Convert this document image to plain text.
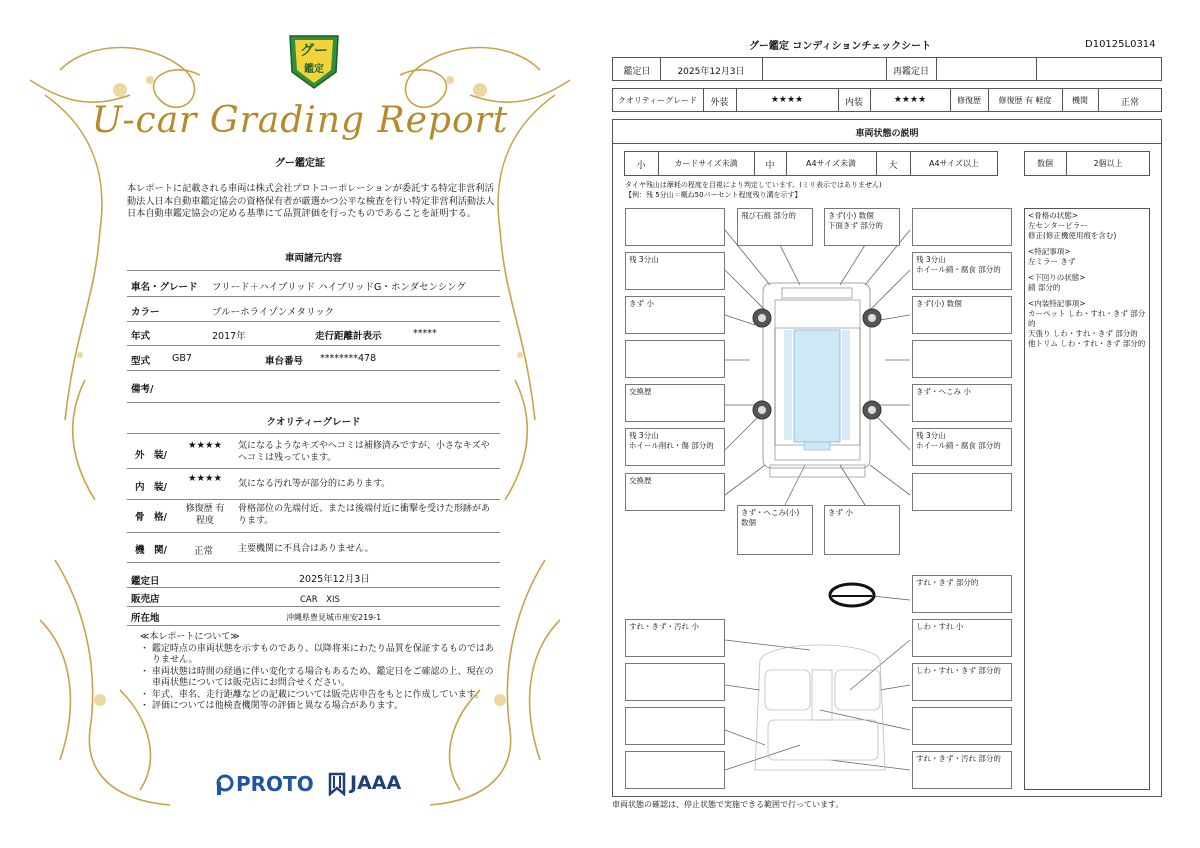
グー
鑑定
U-car Grading Report
グー鑑定証
本レポートに記載される車両は株式会社プロトコーポレーションが委託する特定非営利活動法人日本自動車鑑定協会の資格保有者が厳選かつ公平な検査を行い特定非営利活動法人日本自動車鑑定協会の定める基準にて品質評価を行ったものであることを証明する。
車両諸元内容
車名・グレード フリード＋ハイブリッド ハイブリッドG・ホンダセンシング
カラー	ブルーホライゾンメタリック
年式	2017年	走行距離計表示	*****
型式 GB7	車台番号 ********478
備考/
クオリティーグレード
外　装/
★★★★ 気になるようなキズやヘコミは補修済みですが、小さなキズやヘコミは残っています。
内　装/
★★★★ 気になる汚れ等が部分的にあります。
骨　格/
修復歴 有
程度
骨格部位の先端付近、または後端付近に衝撃を受けた形跡があります。
機　関/	正常	主要機関に不具合はありません。
鑑定日	2025年12月3日
販売店	CAR　XIS
所在地	沖縄県豊見城市座安219-1
≪本レポートについて≫

・ 鑑定時点の車両状態を示すものであり、以降将来にわたり品質を保証するものではありません。

・ 車両状態は時間の経過に伴い変化する場合もあるため、鑑定日をご確認の上、現在の車両状態については販売店にお問合せください。

・ 年式、車名、走行距離などの記載については販売店申告をもとに作成しています。

・ 評価については他検査機関等の評価と異なる場合があります。

PROTO JAAA
グー鑑定 コンディションチェックシート	D10125L0314
鑑定日	2025年12月3日	再鑑定日
クオリティーグレード	外装	★★★★	内装	★★★★	修復歴	修復歴 有 軽度	機関	正常
車両状態の説明
小	カードサイズ未満	中	A4サイズ未満	大	A4サイズ以上	数個	2個以上
タイヤ残山は摩耗の程度を目視により判定しています。(ミリ表示ではありません)
【例：残 5分山＝概ね50パーセント程度残り溝を示す】
残 3分山
きず 小
交換歴
残 3分山
ホイール削れ・傷 部分的
交換歴
飛び石痕 部分的	きず(小) 数個
下面きず 部分的
残 3分山
ホイール錆・腐食 部分的
きず(小) 数個
きず・へこみ 小
残 3分山
ホイール錆・腐食 部分的
きず・へこみ(小) 数個
きず 小
すれ・きず 部分的
すれ・きず・汚れ 小	しわ・すれ 小
しわ・すれ・きず 部分的
すれ・きず・汚れ 部分的
<骨格の状態>
左センターピラー
修正(修正機使用痕を含む)
<特記事項>
左ミラー きず
<下回りの状態>
錆 部分的
<内装特記事項>
カーペット しわ・すれ・きず 部分的
天張り しわ・すれ・きず 部分的
他トリム しわ・すれ・きず 部分的
車両状態の確認は、停止状態で実施できる範囲で行っています。
